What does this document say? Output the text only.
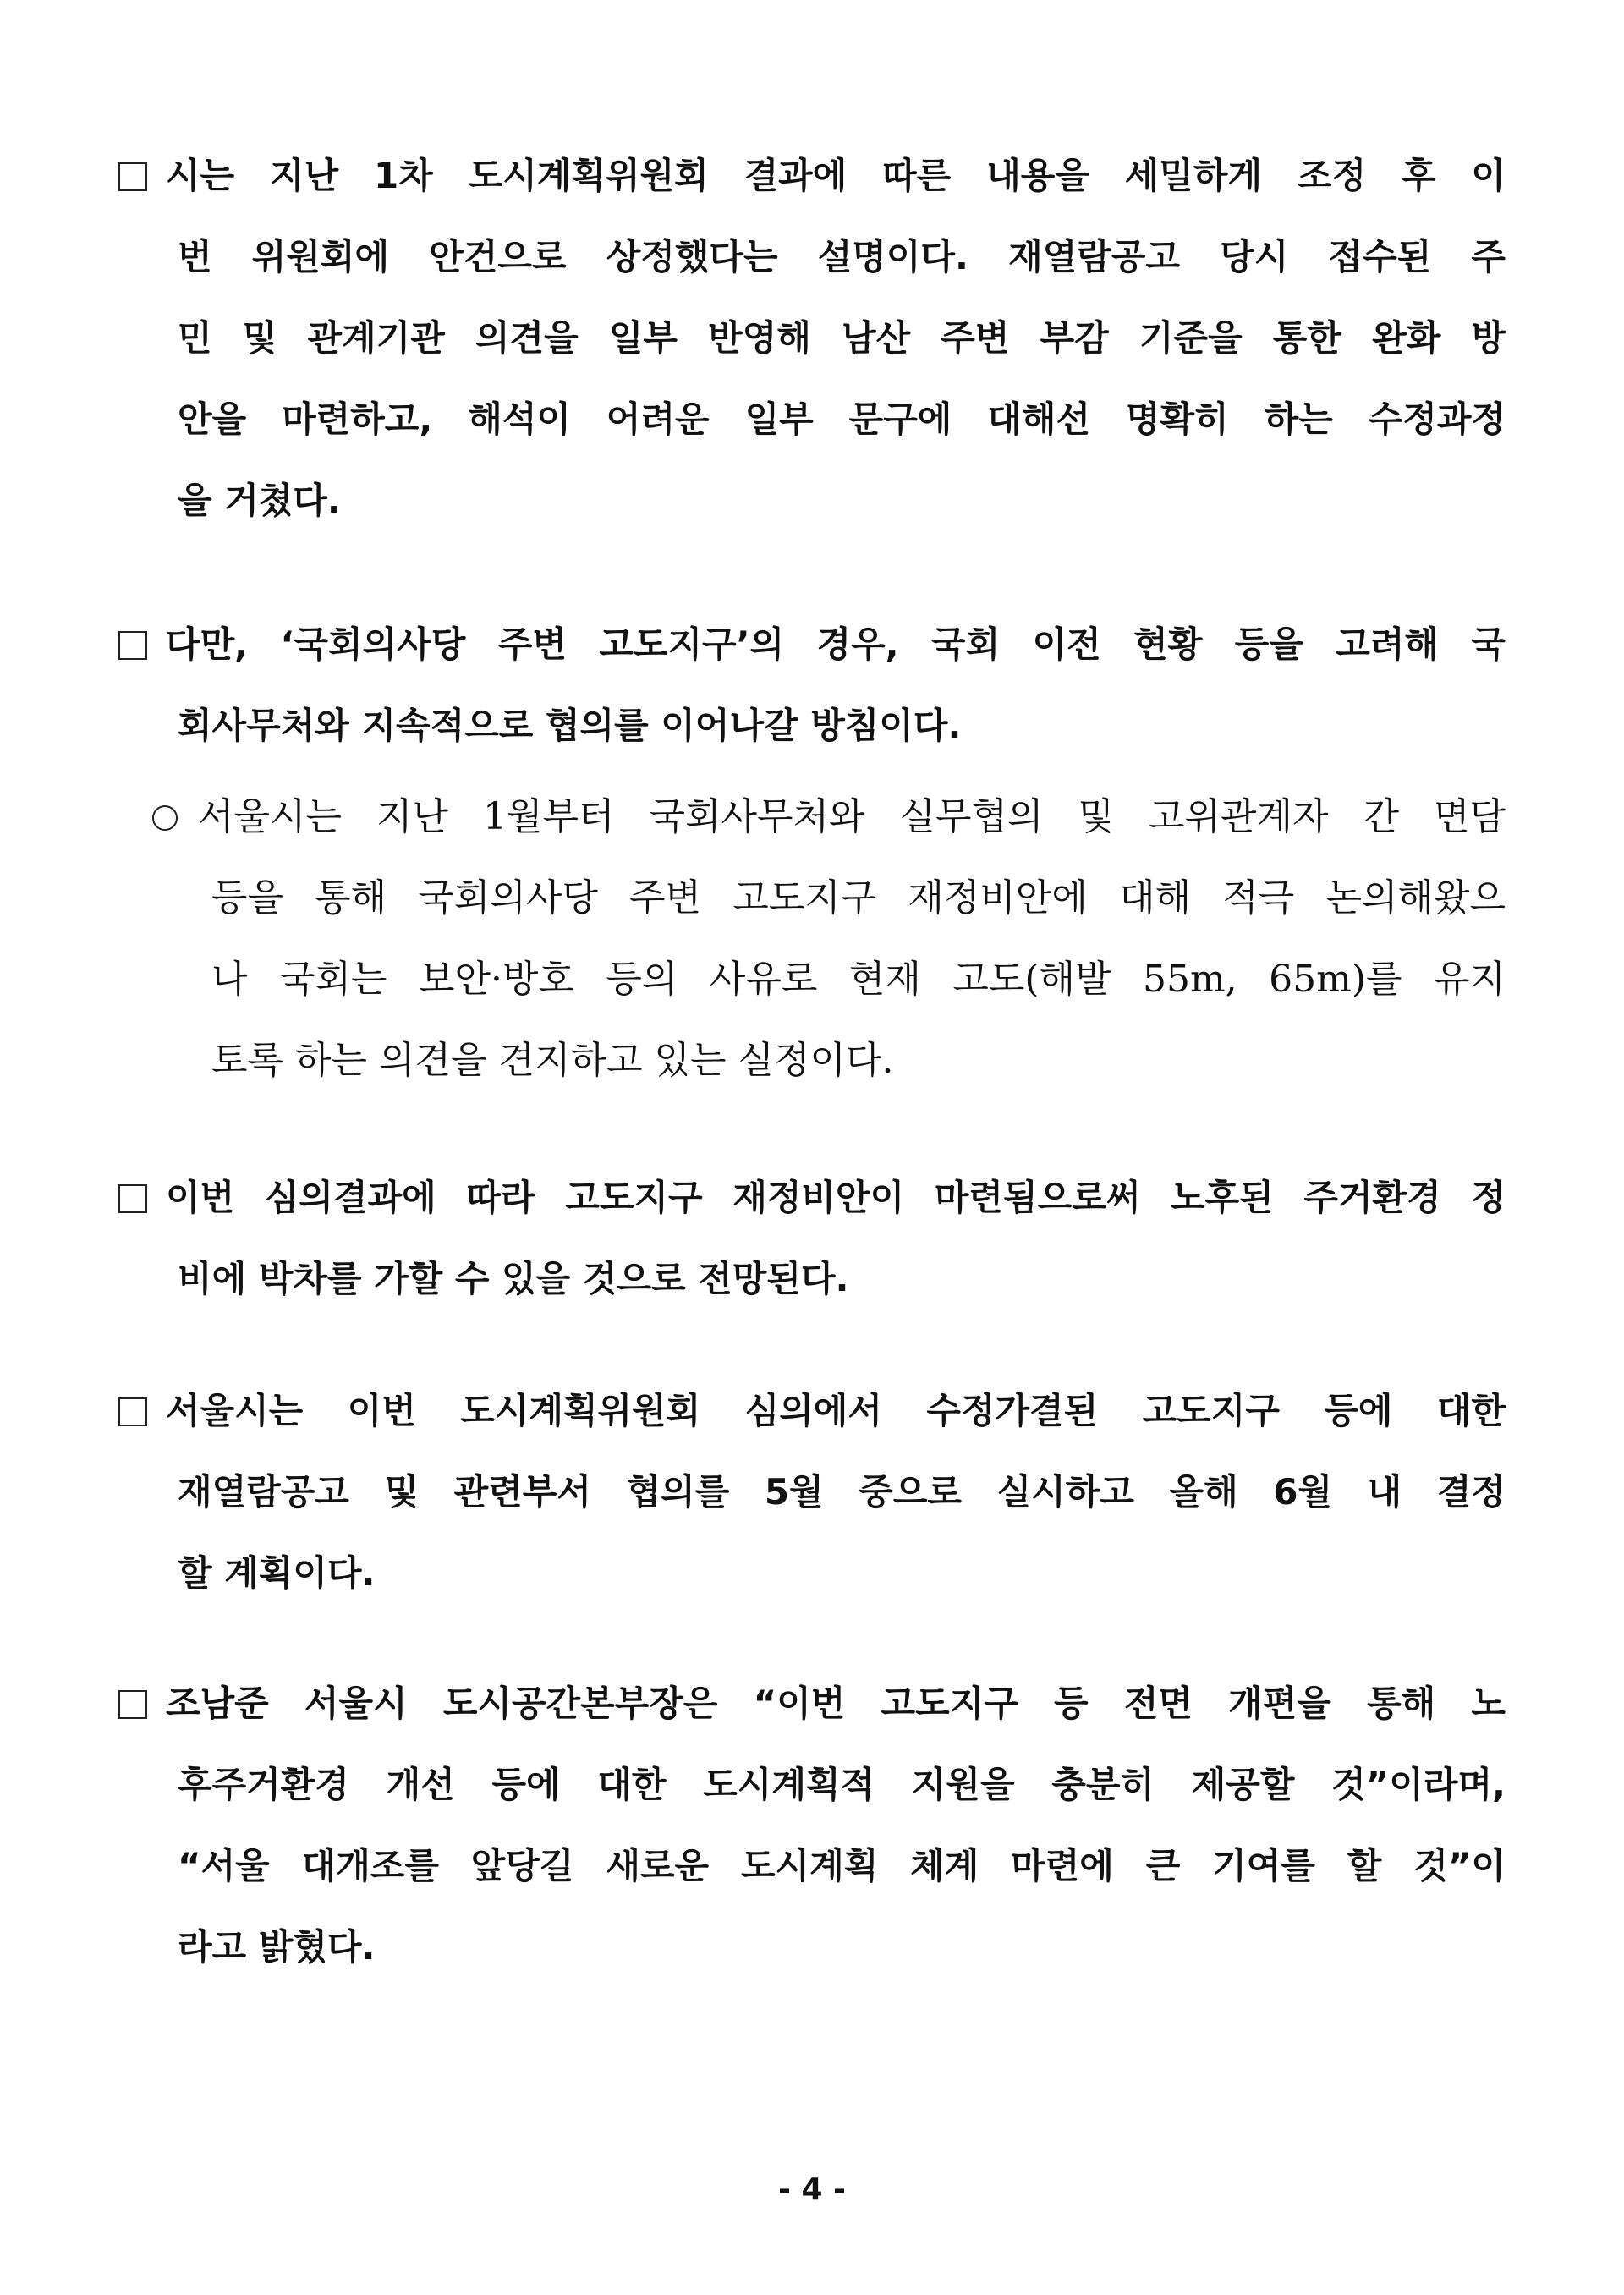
시는 지난 1차 도시계획위원회 결과에 따른 내용을 세밀하게 조정 후 이
번 위원회에 안건으로 상정했다는 설명이다. 재열람공고 당시 접수된 주
민 및 관계기관 의견을 일부 반영해 남산 주변 부감 기준을 통한 완화 방
안을 마련하고, 해석이 어려운 일부 문구에 대해선 명확히 하는 수정과정
을 거쳤다.
다만, ‘국회의사당 주변 고도지구’의 경우, 국회 이전 현황 등을 고려해 국
회사무처와 지속적으로 협의를 이어나갈 방침이다.
서울시는 지난 1월부터 국회사무처와 실무협의 및 고위관계자 간 면담
등을 통해 국회의사당 주변 고도지구 재정비안에 대해 적극 논의해왔으
나 국회는 보안·방호 등의 사유로 현재 고도(해발 55m, 65m)를 유지
토록 하는 의견을 견지하고 있는 실정이다.
이번 심의결과에 따라 고도지구 재정비안이 마련됨으로써 노후된 주거환경 정
비에 박차를 가할 수 있을 것으로 전망된다.
서울시는 이번 도시계획위원회 심의에서 수정가결된 고도지구 등에 대한
재열람공고 및 관련부서 협의를 5월 중으로 실시하고 올해 6월 내 결정
할 계획이다.
조남준 서울시 도시공간본부장은 “이번 고도지구 등 전면 개편을 통해 노
후주거환경 개선 등에 대한 도시계획적 지원을 충분히 제공할 것”이라며,
“서울 대개조를 앞당길 새로운 도시계획 체계 마련에 큰 기여를 할 것”이
라고 밝혔다.
- 4 -
